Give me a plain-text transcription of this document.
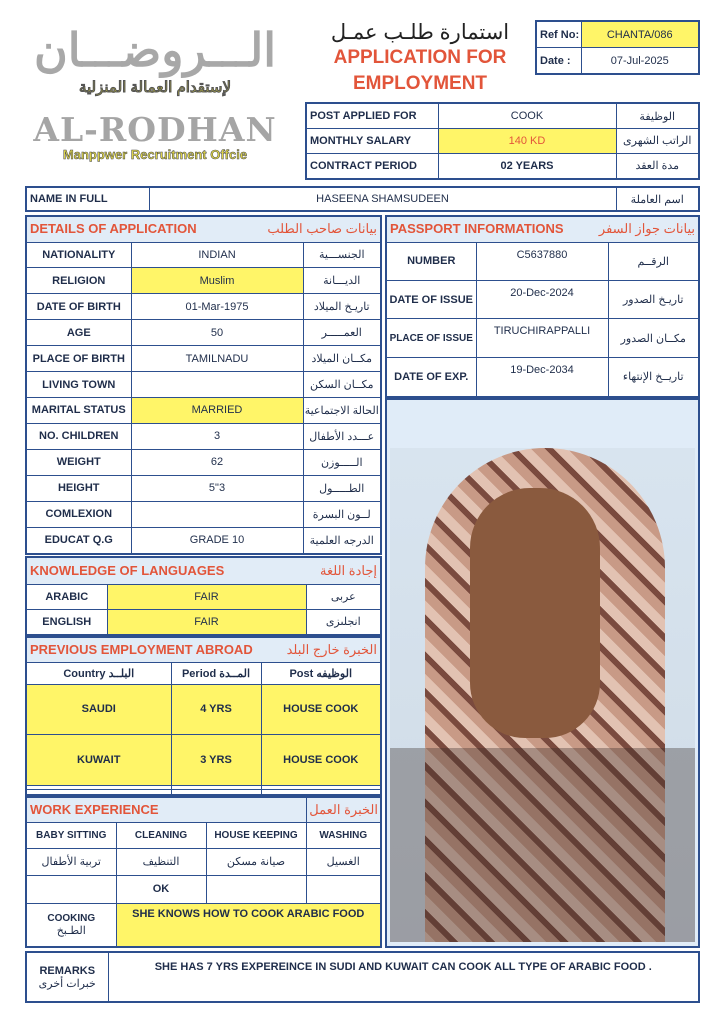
الـــروضـــان
لإستقدام العمالة المنزلية
AL-RODHAN
Manppwer Recruitment Offcie
استمارة طلـب عمـل
APPLICATION FOR
EMPLOYMENT
Ref No:	CHANTA/086
Date :	07-Jul-2025
POST APPLIED FOR	COOK	الوظيفة
MONTHLY SALARY	140 KD	الراتب الشهرى
CONTRACT PERIOD	02 YEARS	مدة العقد
NAME IN FULL	HASEENA SHAMSUDEEN	اسم العاملة
DETAILS OF APPLICATION بيانات صاحب الطلب		

NATIONALITY	INDIAN	الجنســـية
RELIGION	Muslim	الديـــانة
DATE OF BIRTH	01-Mar-1975	تاريـخ الميلاد
AGE	50	العمـــــر
PLACE OF BIRTH	TAMILNADU	مكــان الميلاد
LIVING TOWN		مكــان السكن
MARITAL STATUS	MARRIED	الحالة الاجتماعية
NO. CHILDREN	3	عـــدد الأطفال
WEIGHT	62	الـــــوزن
HEIGHT	5"3	الطـــــول
COMLEXION		لــون البسرة
EDUCAT Q.G	GRADE 10	الدرجه العلمية
KNOWLEDGE OF LANGUAGES إجادة اللغة		

ARABIC	FAIR	عربى
ENGLISH	FAIR	انجلىزى
PREVIOUS EMPLOYMENT ABROAD الخبرة خارج البلد		

Country البلــد	Period المــدة	Post الوظيفه
SAUDI	4 YRS	HOUSE COOK
KUWAIT	3 YRS	HOUSE COOK

WORK EXPERIENCE			الخبرة العمل
BABY SITTING	CLEANING	HOUSE KEEPING	WASHING
تربية الأطفال	التنظيف	صيانة مسكن	الغسيل
	OK		

COOKING
الطـبخ	SHE KNOWS HOW TO COOK ARABIC FOOD		
PASSPORT INFORMATIONS بيانات جواز السفر		

NUMBER	C5637880	الرقــم
DATE OF ISSUE	20-Dec-2024	تاريـخ الصدور
PLACE OF ISSUE	TIRUCHIRAPPALLI	مكــان الصدور
DATE OF EXP.	19-Dec-2034	تاريــخ الإنتهاء
REMARKS
خبرات أخرى
	SHE HAS 7 YRS EXPEREINCE IN SUDI AND KUWAIT CAN COOK ALL TYPE OF ARABIC FOOD .
